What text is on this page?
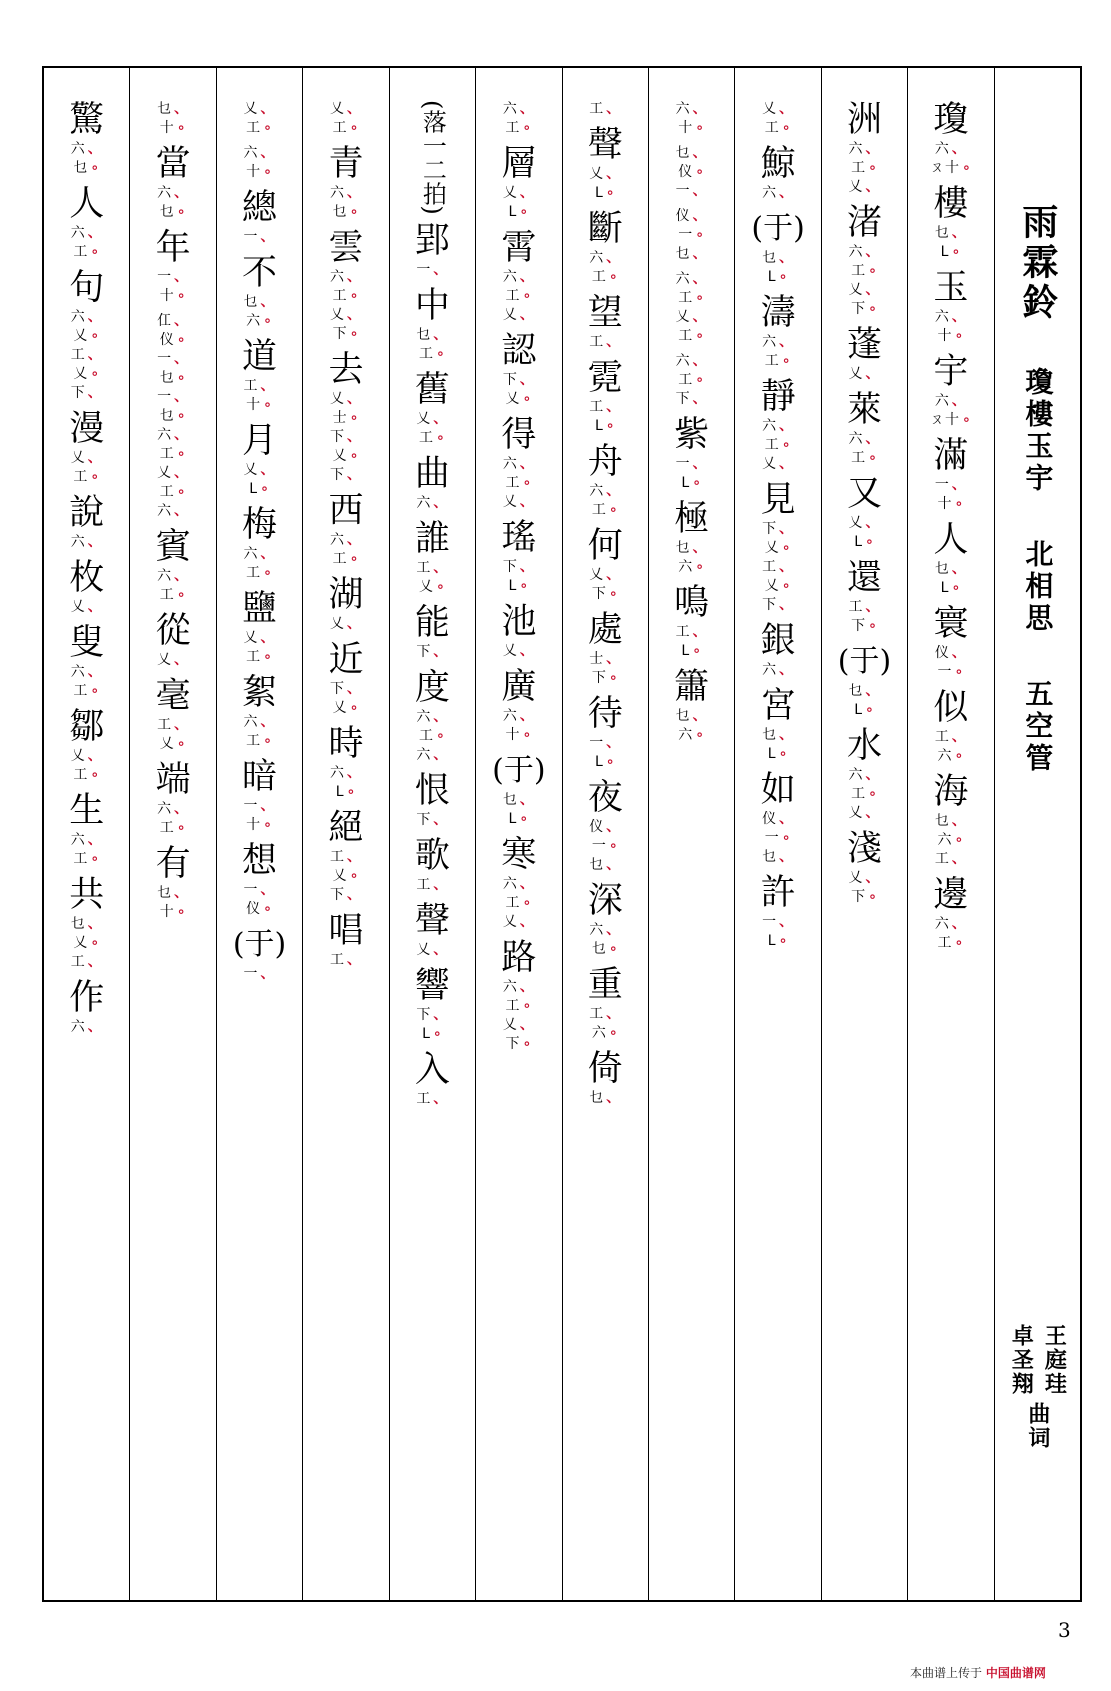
驚
六 、
乜 ∘
人
六 、
工 ∘
句
六 、
乂 ∘
工 、
乂 ∘
下 、
漫
乂 、
工 ∘
說
六 、
枚
乂 、
叟
六 、
工 ∘
鄒
乂 、
工 ∘
生
六 、
工 ∘
共
乜 、
乂 ∘
工 、
作
六 、
乜 、
十 ∘
當
六 、
乜 ∘
年
一 、
十 ∘
仜 、
仪 ∘
一 、
乜 ∘
一 、
乜 ∘
六 、
工 ∘
乂 、
工 ∘
六 、
賓
六 、
工 ∘
從
乂 、
毫
工 、
乂 ∘
端
六 、
工 ∘
有
乜 、
十 ∘
乂 、
工 ∘
六 、
十 ∘
總
一 、
不
乜 、
六 ∘
道
工 、
十 ∘
月
乂 、
L ∘
梅
六 、
工 ∘
鹽
乂 、
工 ∘
絮
六 、
工 ∘
暗
一 、
十 ∘
想
一 、
仪 ∘
(于)
一 、
乂 、
工 ∘
青
六 、
乜 ∘
雲
六 、
工 ∘
乂 、
下 ∘
去
乂 、
士 ∘
下 、
乂 ∘
下 、
西
六 、
工 ∘
湖
乂 、
近
下 、
乂 ∘
時
六 、
L ∘
絕
工 、
乂 ∘
下 、
唱
工 、
(落一二拍)
郢
一 、
中
乜 、
工 ∘
舊
乂 、
工 ∘
曲
六 、
誰
工 、
乂 ∘
能
下 、
度
六 、
工 ∘
六 、
恨
下 、
歌
工 、
聲
乂 、
響
下 、
L ∘
入
工 、
六 、
工 ∘
層
乂 、
L ∘
霄
六 、
工 ∘
乂 、
認
下 、
乂 ∘
得
六 、
工 ∘
乂 、
瑤
下 、
L ∘
池
乂 、
廣
六 、
十 ∘
(于)
乜 、
L ∘
寒
六 、
工 ∘
乂 、
路
六 、
工 ∘
乂 、
下 ∘
工 、
聲
乂 、
L ∘
斷
六 、
工 ∘
望
工 、
霓
工 、
L ∘
舟
六 、
工 ∘
何
乂 、
下 ∘
處
士 、
下 ∘
待
一 、
L ∘
夜
仪 、
一 ∘
乜 、
深
六 、
乜 ∘
重
工 、
六 ∘
倚
乜 、
六 、
十 ∘
乜 、
仪 ∘
一 、
仪 、
一 ∘
乜 、
六 、
工 ∘
乂 、
工 ∘
六 、
工 ∘
下 、
紫
一 、
L ∘
極
乜 、
六 ∘
鳴
工 、
L ∘
簫
乜 、
六 ∘
乂 、
工 ∘
鯨
六 、
(于)
乜 、
L ∘
濤
六 、
工 ∘
靜
六 、
工 ∘
乂 、
見
下 、
乂 ∘
工 、
乂 ∘
下 、
銀
六 、
宮
乜 、
L ∘
如
仪 、
一 ∘
乜 、
許
一 、
L ∘
洲
六 、
工 ∘
乂 、
渚
六 、
工 ∘
乂 、
下 ∘
蓬
乂 、
萊
六 、
工 ∘
又
乂 、
L ∘
還
工 、
下 ∘
(于)
乜 、
L ∘
水
六 、
工 ∘
乂 、
淺
乂 、
下 ∘
瓊
六 、
ㄡ十 ∘
樓
乜 、
L ∘
玉
六 、
十 ∘
宇
六 、
ㄡ十 ∘
滿
一 、
十 ∘
人
乜 、
L ∘
寰
仪 、
一 ∘
似
工 、
六 ∘
海
乜 、
六 ∘
工 、
邊
六 、
工 ∘
雨霖鈴
瓊樓玉宇
北相思
五空管
王庭珪
卓圣翔
曲词
3
本曲谱上传于 中国曲谱网
